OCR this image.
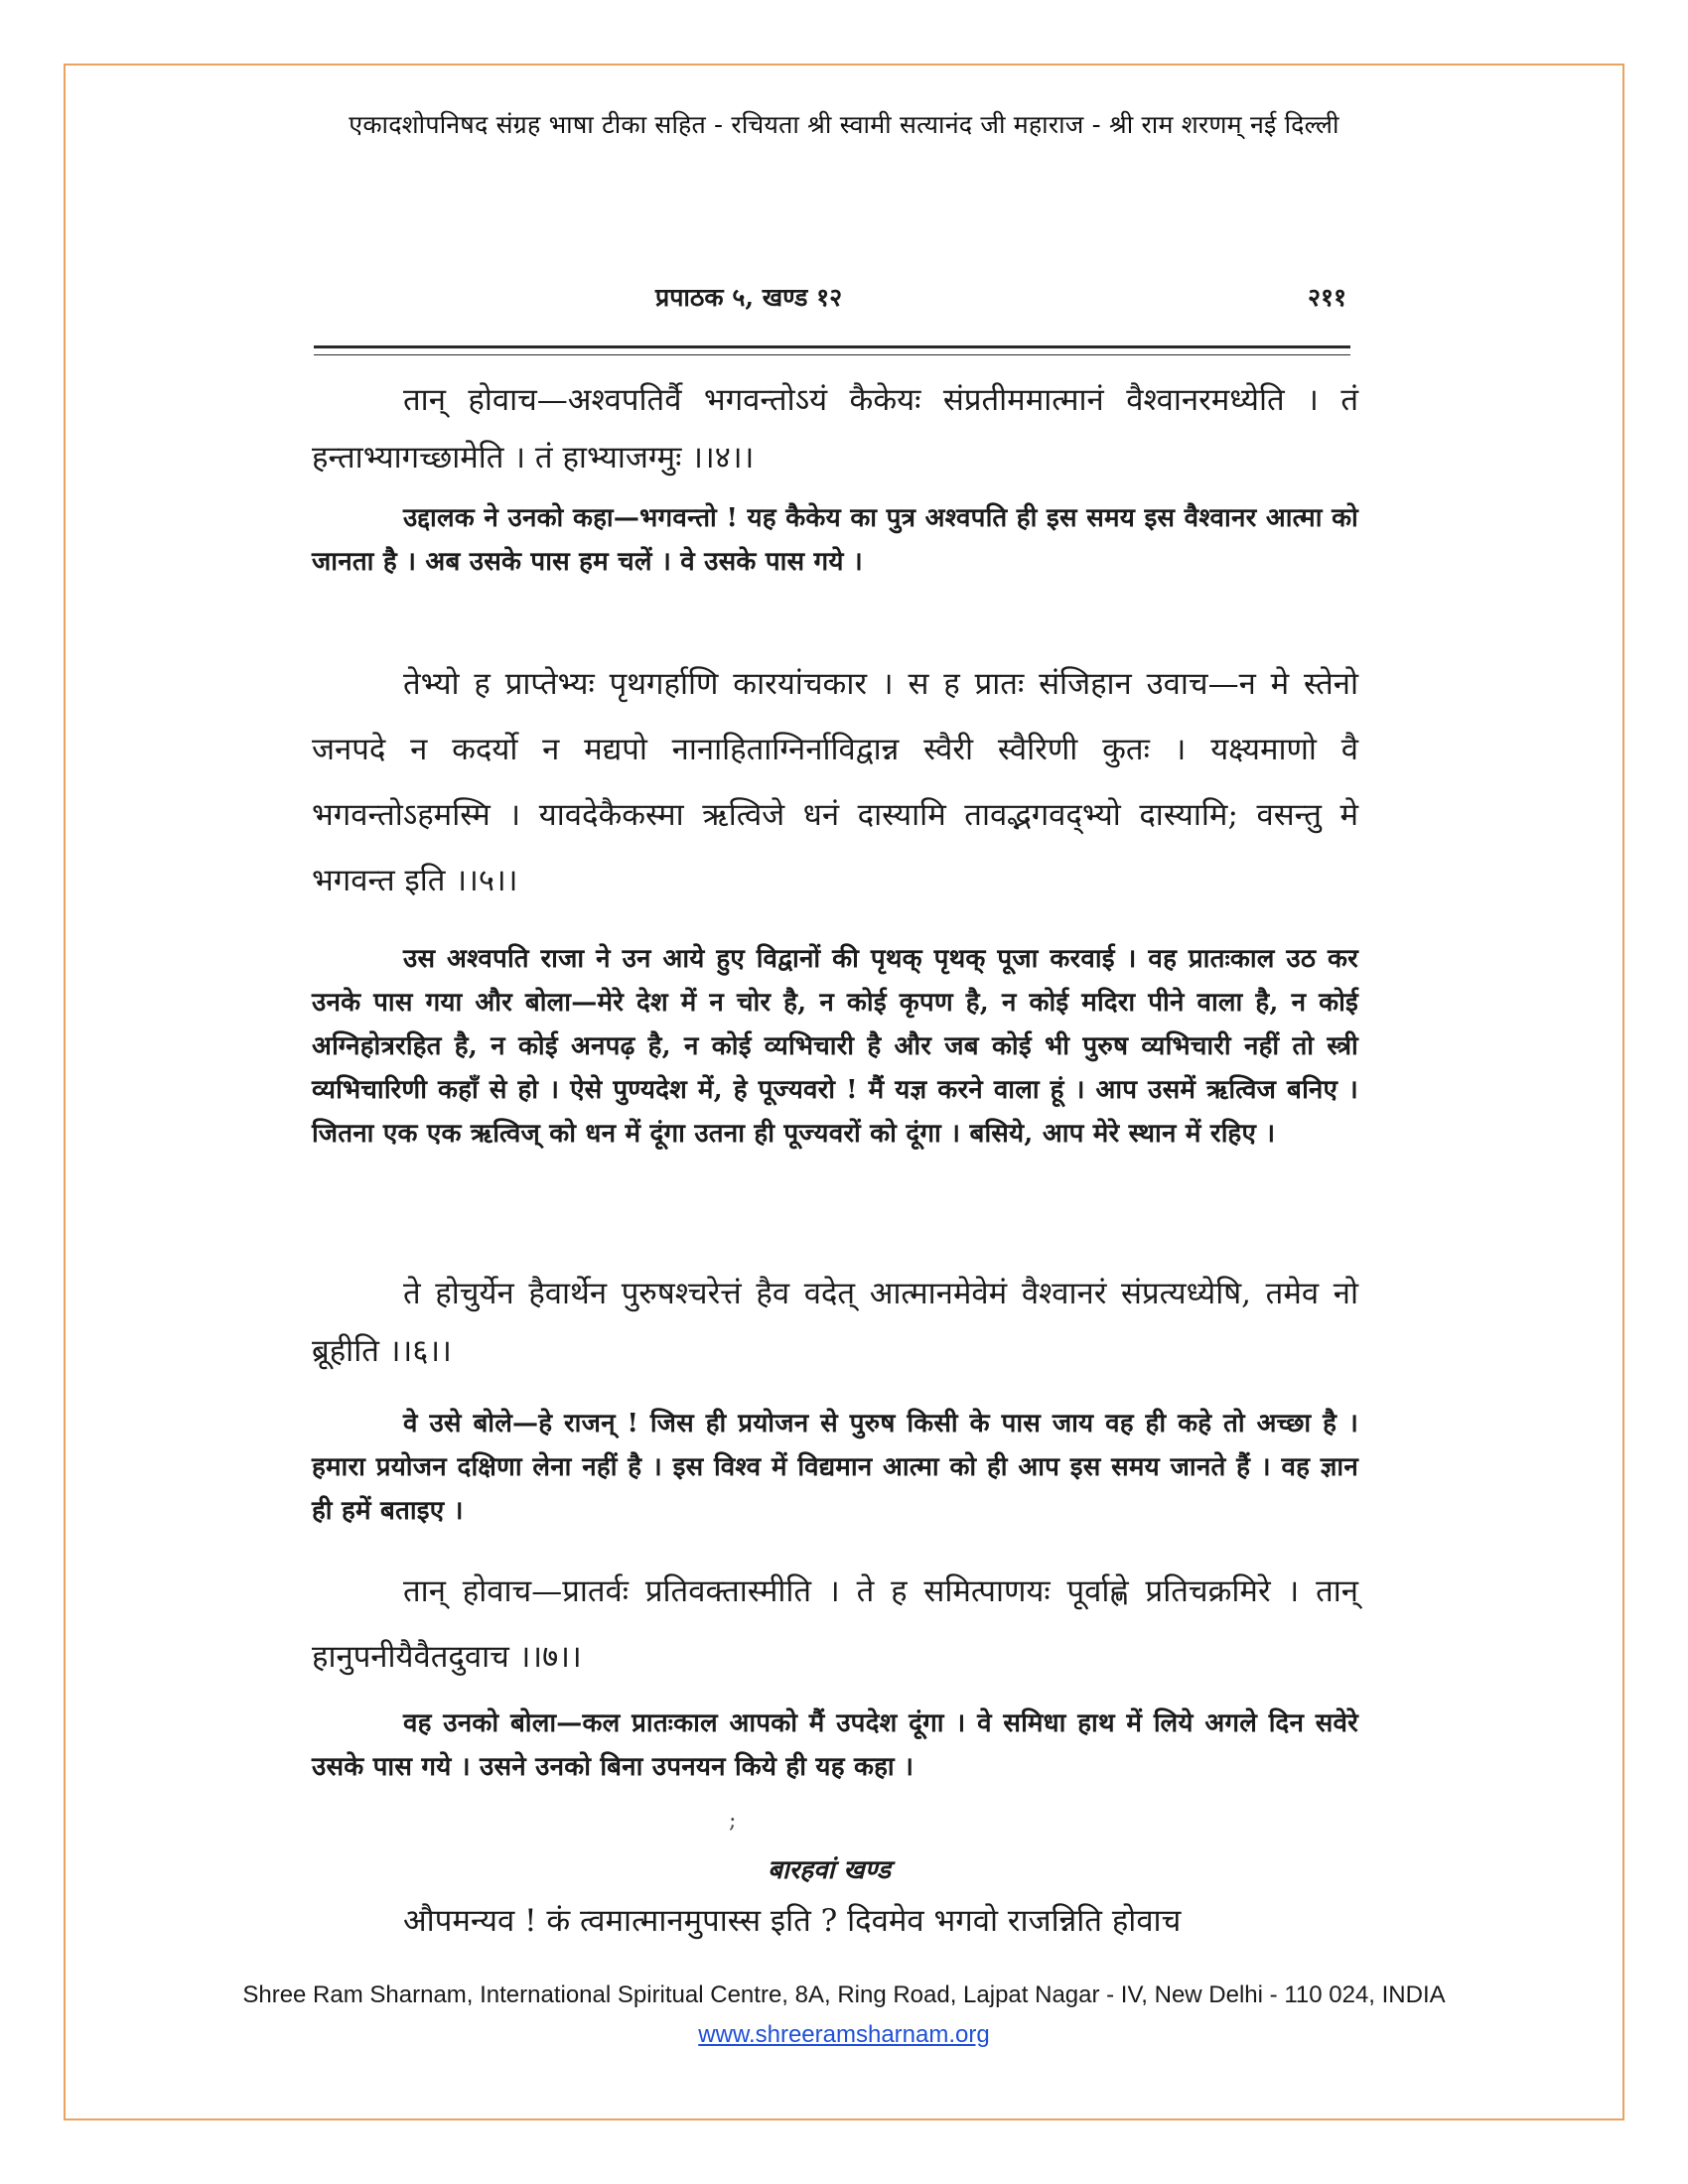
एकादशोपनिषद संग्रह भाषा टीका सहित - रचियता श्री स्वामी सत्यानंद जी महाराज - श्री राम शरणम् नई दिल्ली
प्रपाठक ५, खण्ड १२	२११

तान् होवाच—अश्वपतिर्वै भगवन्तोऽयं कैकेयः संप्रतीममात्मानं वैश्वानरमध्येति । तं हन्ताभ्यागच्छामेति । तं हाभ्याजग्मुः ।।४।।

उद्दालक ने उनको कहा—भगवन्तो ! यह कैकेय का पुत्र अश्वपति ही इस समय इस वैश्वानर आत्मा को जानता है । अब उसके पास हम चलें । वे उसके पास गये ।

तेभ्यो ह प्राप्तेभ्यः पृथगर्हाणि कारयांचकार । स ह प्रातः संजिहान उवाच—न मे स्तेनो जनपदे न कदर्यो न मद्यपो नानाहिताग्निर्नाविद्वान्न स्वैरी स्वैरिणी कुतः । यक्ष्यमाणो वै भगवन्तोऽहमस्मि । यावदेकैकस्मा ऋत्विजे धनं दास्यामि तावद्भगवद्भ्यो दास्यामि; वसन्तु मे भगवन्त इति ।।५।।

उस अश्वपति राजा ने उन आये हुए विद्वानों की पृथक् पृथक् पूजा करवाई । वह प्रातःकाल उठ कर उनके पास गया और बोला—मेरे देश में न चोर है, न कोई कृपण है, न कोई मदिरा पीने वाला है, न कोई अग्निहोत्ररहित है, न कोई अनपढ़ है, न कोई व्यभिचारी है और जब कोई भी पुरुष व्यभिचारी नहीं तो स्त्री व्यभिचारिणी कहाँ से हो । ऐसे पुण्यदेश में, हे पूज्यवरो ! मैं यज्ञ करने वाला हूं । आप उसमें ऋत्विज बनिए । जितना एक एक ऋत्विज् को धन में दूंगा उतना ही पूज्यवरों को दूंगा । बसिये, आप मेरे स्थान में रहिए ।

ते होचुर्येन हैवार्थेन पुरुषश्चरेत्तं हैव वदेत् आत्मानमेवेमं वैश्वानरं संप्रत्यध्येषि, तमेव नो ब्रूहीति ।।६।।

वे उसे बोले—हे राजन् ! जिस ही प्रयोजन से पुरुष किसी के पास जाय वह ही कहे तो अच्छा है । हमारा प्रयोजन दक्षिणा लेना नहीं है । इस विश्व में विद्यमान आत्मा को ही आप इस समय जानते हैं । वह ज्ञान ही हमें बताइए ।

तान् होवाच—प्रातर्वः प्रतिवक्तास्मीति । ते ह समित्पाणयः पूर्वाह्णे प्रतिचक्रमिरे । तान् हानुपनीयैवैतदुवाच ।।७।।

वह उनको बोला—कल प्रातःकाल आपको मैं उपदेश दूंगा । वे समिधा हाथ में लिये अगले दिन सवेरे उसके पास गये । उसने उनको बिना उपनयन किये ही यह कहा ।

;
बारहवां खण्ड

औपमन्यव ! कं त्वमात्मानमुपास्स इति ? दिवमेव भगवो राजन्निति होवाच

Shree Ram Sharnam, International Spiritual Centre, 8A, Ring Road, Lajpat Nagar - IV, New Delhi - 110 024, INDIA
www.shreeramsharnam.org
